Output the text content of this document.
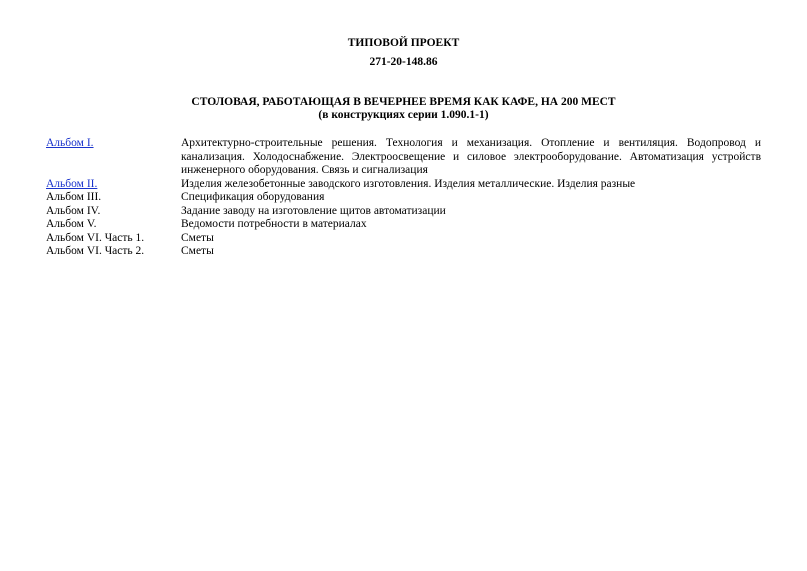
ТИПОВОЙ ПРОЕКТ

271-20-148.86

СТОЛОВАЯ, РАБОТАЮЩАЯ В ВЕЧЕРНЕЕ ВРЕМЯ КАК КАФЕ, НА 200 МЕСТ

(в конструкциях серии 1.090.1-1)

Альбом I.	Архитектурно-строительные решения. Технология и механизация. Отопление и вентиляция. Водопровод и канализация. Холодоснабжение. Электроосвещение и силовое электрооборудование. Автоматизация устройств инженерного оборудования. Связь и сигнализация
Альбом II.	Изделия железобетонные заводского изготовления. Изделия металлические. Изделия разные
Альбом III.	Спецификация оборудования
Альбом IV.	Задание заводу на изготовление щитов автоматизации
Альбом V.	Ведомости потребности в материалах
Альбом VI. Часть 1.	Сметы
Альбом VI. Часть 2.	Сметы
